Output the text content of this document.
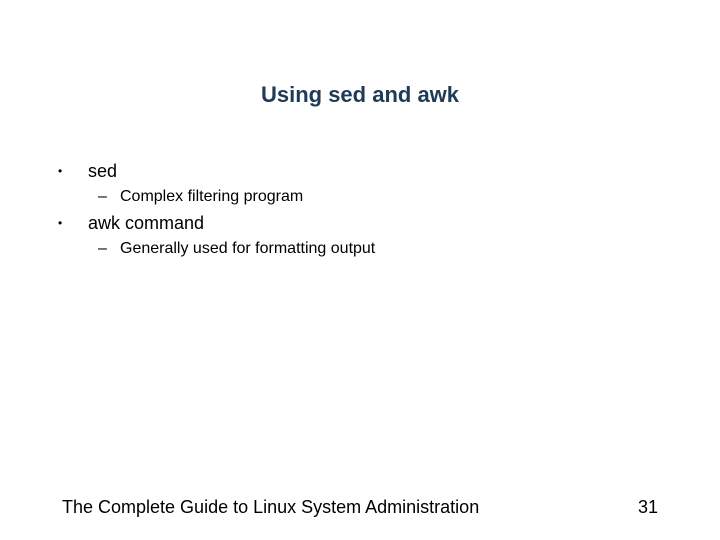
Using sed and awk
•	sed
– Complex filtering program
•	awk command
– Generally used for formatting output
The Complete Guide to Linux System Administration	31
